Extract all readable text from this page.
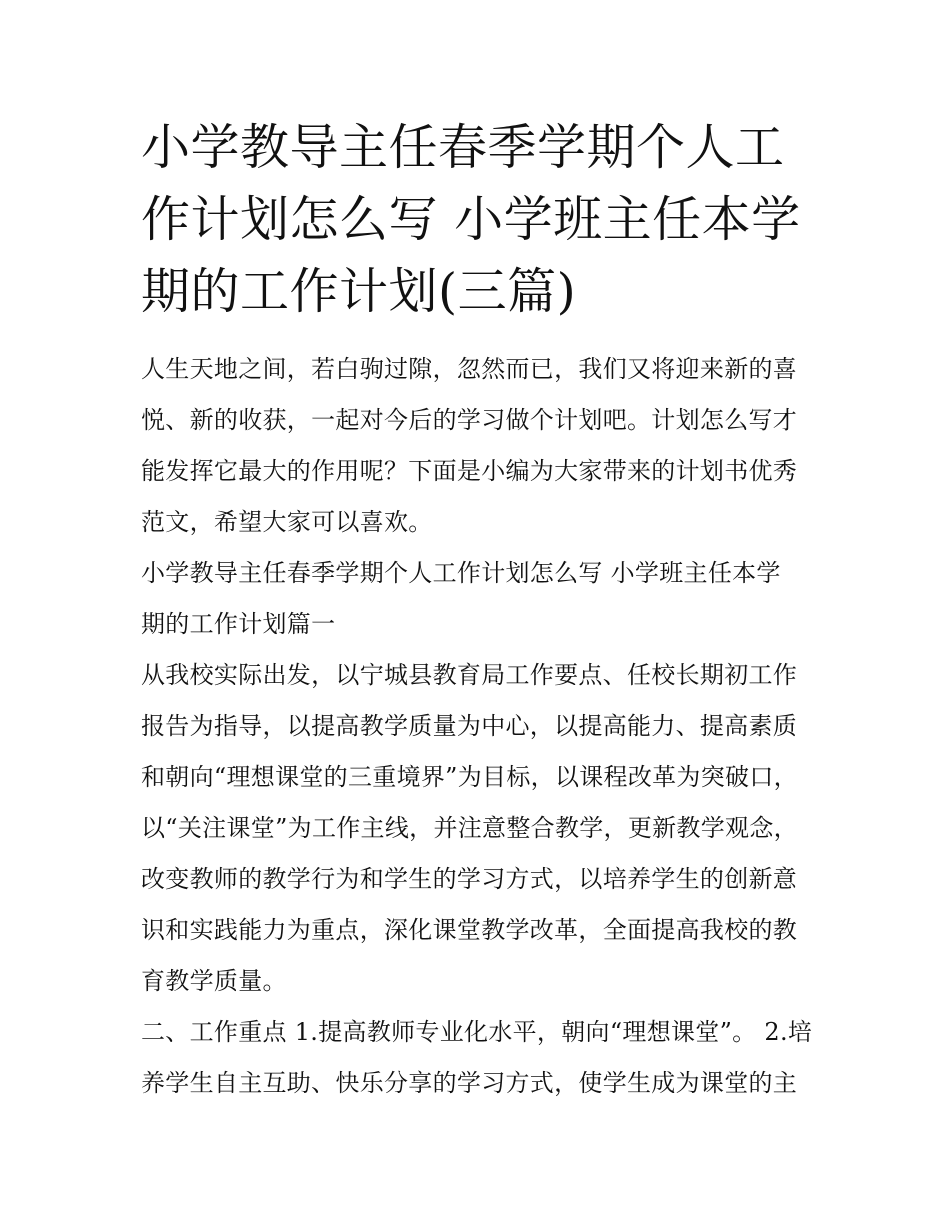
小学教导主任春季学期个人工
作计划怎么写 小学班主任本学
期的工作计划(三篇)

人生天地之间，若白驹过隙，忽然而已，我们又将迎来新的喜
悦、新的收获，一起对今后的学习做个计划吧。计划怎么写才
能发挥它最大的作用呢？下面是小编为大家带来的计划书优秀
范文，希望大家可以喜欢。

小学教导主任春季学期个人工作计划怎么写 小学班主任本学
期的工作计划篇一

从我校实际出发，以宁城县教育局工作要点、任校长期初工作
报告为指导，以提高教学质量为中心，以提高能力、提高素质
和朝向“理想课堂的三重境界”为目标，以课程改革为突破口，
以“关注课堂”为工作主线，并注意整合教学，更新教学观念，
改变教师的教学行为和学生的学习方式，以培养学生的创新意
识和实践能力为重点，深化课堂教学改革，全面提高我校的教
育教学质量。

二、工作重点 1.提高教师专业化水平，朝向“理想课堂”。 2.培
养学生自主互助、快乐分享的学习方式，使学生成为课堂的主
